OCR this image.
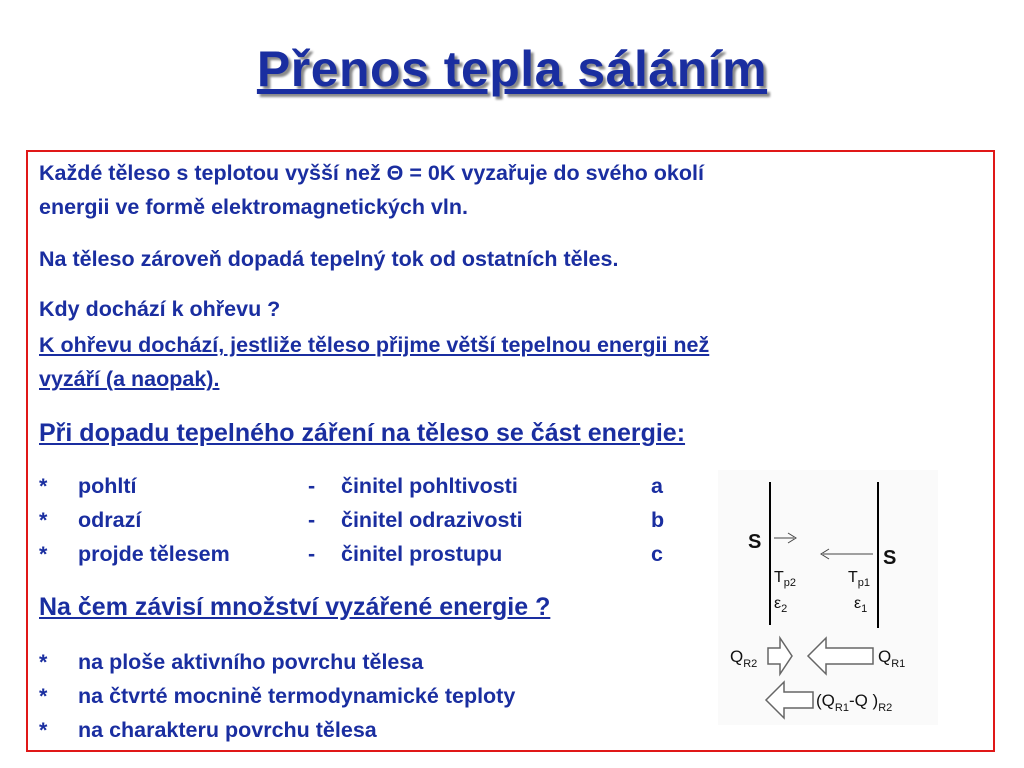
Přenos tepla sáláním
Každé těleso s teplotou vyšší než Θ = 0K vyzařuje do svého okolí
energii ve formě elektromagnetických vln.
Na těleso zároveň dopadá tepelný tok od ostatních těles.
Kdy dochází k ohřevu ?
K ohřevu dochází, jestliže těleso přijme větší tepelnou energii než
vyzáří (a naopak).
Při dopadu tepelného záření na těleso se část energie:
* pohltí	- činitel pohltivosti	a
* odrazí	- činitel odrazivosti	b
* projde tělesem	- činitel prostupu	c
Na čem závisí množství vyzářené energie ?
* na ploše aktivního povrchu tělesa
* na čtvrté mocnině termodynamické teploty
* na charakteru povrchu tělesa
S
S
$T_{p2}$	$T_{p1}$
$\varepsilon_2$	$\varepsilon_1$
$Q_{R2}$	$Q_{R1}$
($Q_{R1}-Q$ )$_{R2}$
